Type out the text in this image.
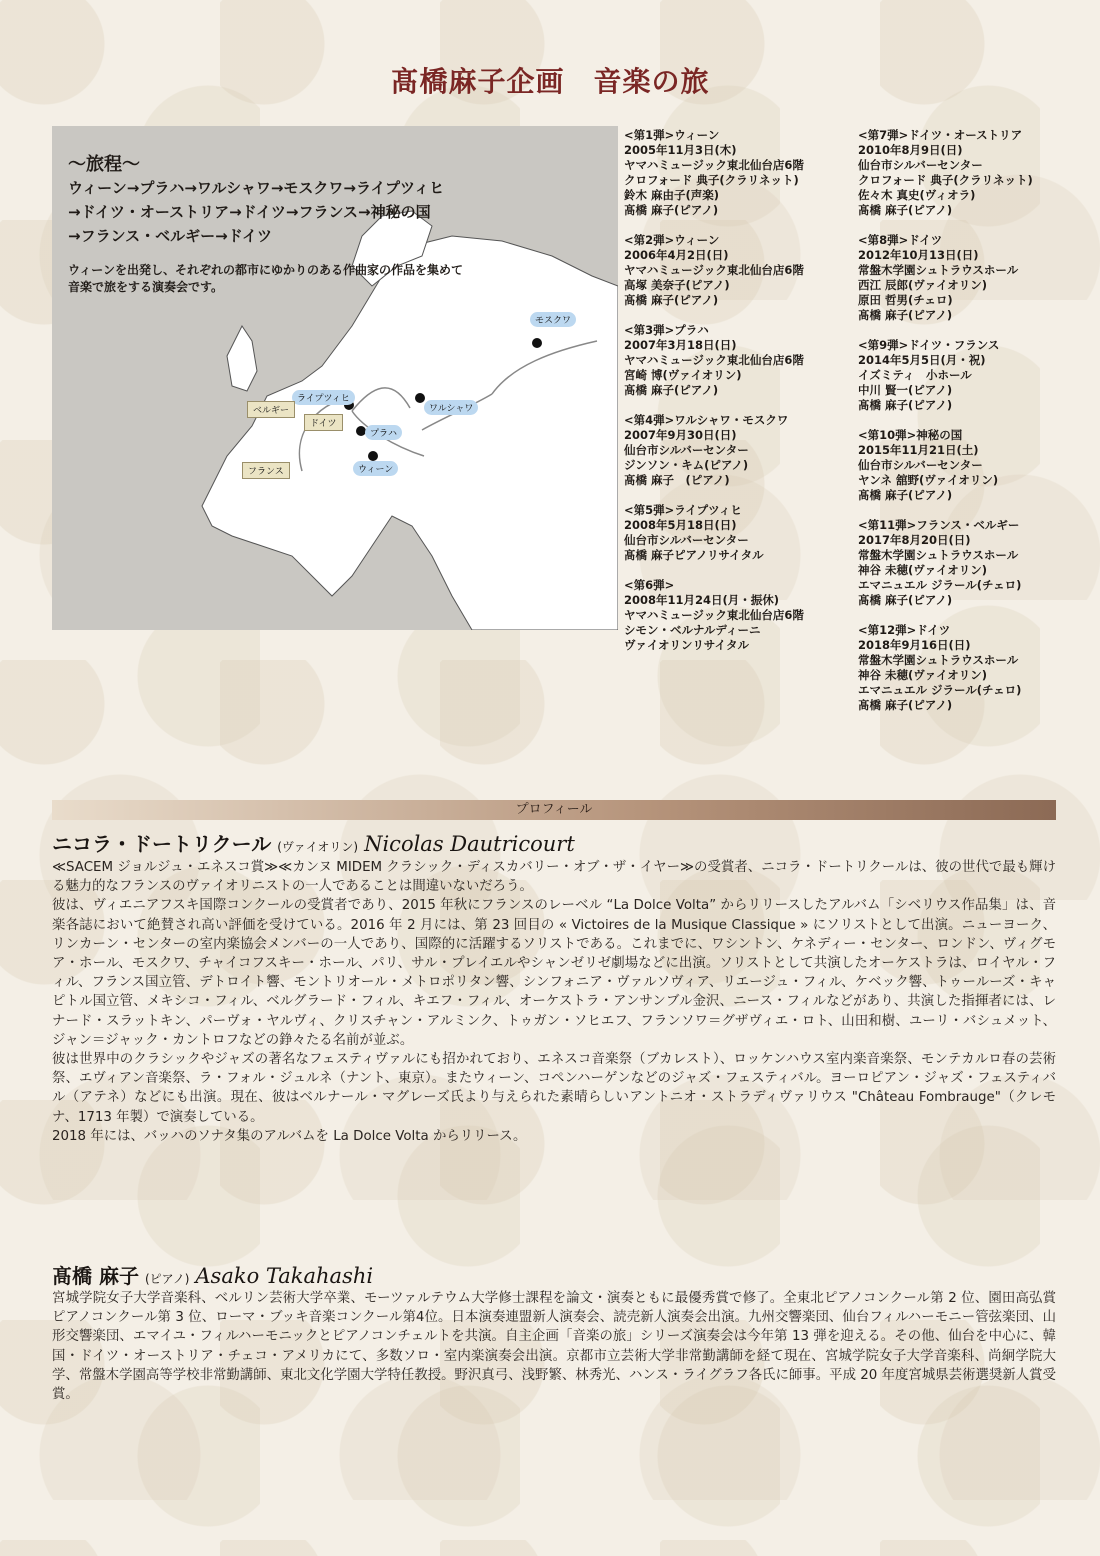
髙橋麻子企画　音楽の旅
～旅程～
ウィーン→プラハ→ワルシャワ→モスクワ→ライプツィヒ
→ドイツ・オーストリア→ドイツ→フランス→神秘の国
→フランス・ベルギー→ドイツ
ウィーンを出発し、それぞれの都市にゆかりのある作曲家の作品を集めて
音楽で旅をする演奏会です。
モスクワ
ライプツィヒ
ワルシャワ
ベルギー
ドイツ
プラハ
フランス	ウィーン
<第1弾>ウィーン
2005年11月3日(木)
ヤマハミュージック東北仙台店6階
クロフォード 典子(クラリネット)
鈴木 麻由子(声楽)
髙橋 麻子(ピアノ)
<第2弾>ウィーン
2006年4月2日(日)
ヤマハミュージック東北仙台店6階
高塚 美奈子(ピアノ)
髙橋 麻子(ピアノ)
<第3弾>プラハ
2007年3月18日(日)
ヤマハミュージック東北仙台店6階
宮崎 博(ヴァイオリン)
髙橋 麻子(ピアノ)
<第4弾>ワルシャワ・モスクワ
2007年9月30日(日)
仙台市シルバーセンター
ジンソン・キム(ピアノ)
髙橋 麻子　(ピアノ)
<第5弾>ライプツィヒ
2008年5月18日(日)
仙台市シルバーセンター
髙橋 麻子ピアノリサイタル
<第6弾>
2008年11月24日(月・振休)
ヤマハミュージック東北仙台店6階
シモン・ベルナルディーニ
ヴァイオリンリサイタル
<第7弾>ドイツ・オーストリア
2010年8月9日(日)
仙台市シルバーセンター
クロフォード 典子(クラリネット)
佐々木 真史(ヴィオラ)
髙橋 麻子(ピアノ)
<第8弾>ドイツ
2012年10月13日(日)
常盤木学園シュトラウスホール
西江 辰郎(ヴァイオリン)
原田 哲男(チェロ)
髙橋 麻子(ピアノ)
<第9弾>ドイツ・フランス
2014年5月5日(月・祝)
イズミティ　小ホール
中川 賢一(ピアノ)
髙橋 麻子(ピアノ)
<第10弾>神秘の国
2015年11月21日(土)
仙台市シルバーセンター
ヤンネ 舘野(ヴァイオリン)
髙橋 麻子(ピアノ)
<第11弾>フランス・ベルギー
2017年8月20日(日)
常盤木学園シュトラウスホール
神谷 未穂(ヴァイオリン)
エマニュエル ジラール(チェロ)
髙橋 麻子(ピアノ)
<第12弾>ドイツ
2018年9月16日(日)
常盤木学園シュトラウスホール
神谷 未穂(ヴァイオリン)
エマニュエル ジラール(チェロ)
髙橋 麻子(ピアノ)
プロフィール
ニコラ・ドートリクール (ヴァイオリン) Nicolas Dautricourt

≪SACEM ジョルジュ・エネスコ賞≫≪カンヌ MIDEM クラシック・ディスカバリー・オブ・ザ・イヤー≫の受賞者、ニコラ・ドートリクールは、彼の世代で最も輝ける魅力的なフランスのヴァイオリニストの一人であることは間違いないだろう。

彼は、ヴィエニアフスキ国際コンクールの受賞者であり、2015 年秋にフランスのレーベル “La Dolce Volta” からリリースしたアルバム「シベリウス作品集」は、音楽各誌において絶賛され高い評価を受けている。2016 年 2 月には、第 23 回目の « Victoires de la Musique Classique » にソリストとして出演。ニューヨーク、リンカーン・センターの室内楽協会メンバーの一人であり、国際的に活躍するソリストである。これまでに、ワシントン、ケネディー・センター、ロンドン、ヴィグモア・ホール、モスクワ、チャイコフスキー・ホール、パリ、サル・プレイエルやシャンゼリゼ劇場などに出演。ソリストとして共演したオーケストラは、ロイヤル・フィル、フランス国立管、デトロイト響、モントリオール・メトロポリタン響、シンフォニア・ヴァルソヴィア、リエージュ・フィル、ケベック響、トゥールーズ・キャピトル国立管、メキシコ・フィル、ベルグラード・フィル、キエフ・フィル、オーケストラ・アンサンブル金沢、ニース・フィルなどがあり、共演した指揮者には、レナード・スラットキン、パーヴォ・ヤルヴィ、クリスチャン・アルミンク、トゥガン・ソヒエフ、フランソワ＝グザヴィエ・ロト、山田和樹、ユーリ・バシュメット、ジャン＝ジャック・カントロフなどの錚々たる名前が並ぶ。

彼は世界中のクラシックやジャズの著名なフェスティヴァルにも招かれており、エネスコ音楽祭（ブカレスト）、ロッケンハウス室内楽音楽祭、モンテカルロ春の芸術祭、エヴィアン音楽祭、ラ・フォル・ジュルネ（ナント、東京）。またウィーン、コペンハーゲンなどのジャズ・フェスティバル。ヨーロピアン・ジャズ・フェスティバル（アテネ）などにも出演。現在、彼はベルナール・マグレーズ氏より与えられた素晴らしいアントニオ・ストラディヴァリウス "Château Fombrauge"（クレモナ、1713 年製）で演奏している。

2018 年には、バッハのソナタ集のアルバムを La Dolce Volta からリリース。

髙橋 麻子 (ピアノ) Asako Takahashi

宮城学院女子大学音楽科、ベルリン芸術大学卒業、モーツァルテウム大学修士課程を論文・演奏ともに最優秀賞で修了。全東北ピアノコンクール第 2 位、園田高弘賞ピアノコンクール第 3 位、ローマ・ブッキ音楽コンクール第4位。日本演奏連盟新人演奏会、読売新人演奏会出演。九州交響楽団、仙台フィルハーモニー管弦楽団、山形交響楽団、エマイユ・フィルハーモニックとピアノコンチェルトを共演。自主企画「音楽の旅」シリーズ演奏会は今年第 13 弾を迎える。その他、仙台を中心に、韓国・ドイツ・オーストリア・チェコ・アメリカにて、多数ソロ・室内楽演奏会出演。京都市立芸術大学非常勤講師を経て現在、宮城学院女子大学音楽科、尚絅学院大学、常盤木学園高等学校非常勤講師、東北文化学園大学特任教授。野沢真弓、浅野繁、林秀光、ハンス・ライグラフ各氏に師事。平成 20 年度宮城県芸術選奨新人賞受賞。
